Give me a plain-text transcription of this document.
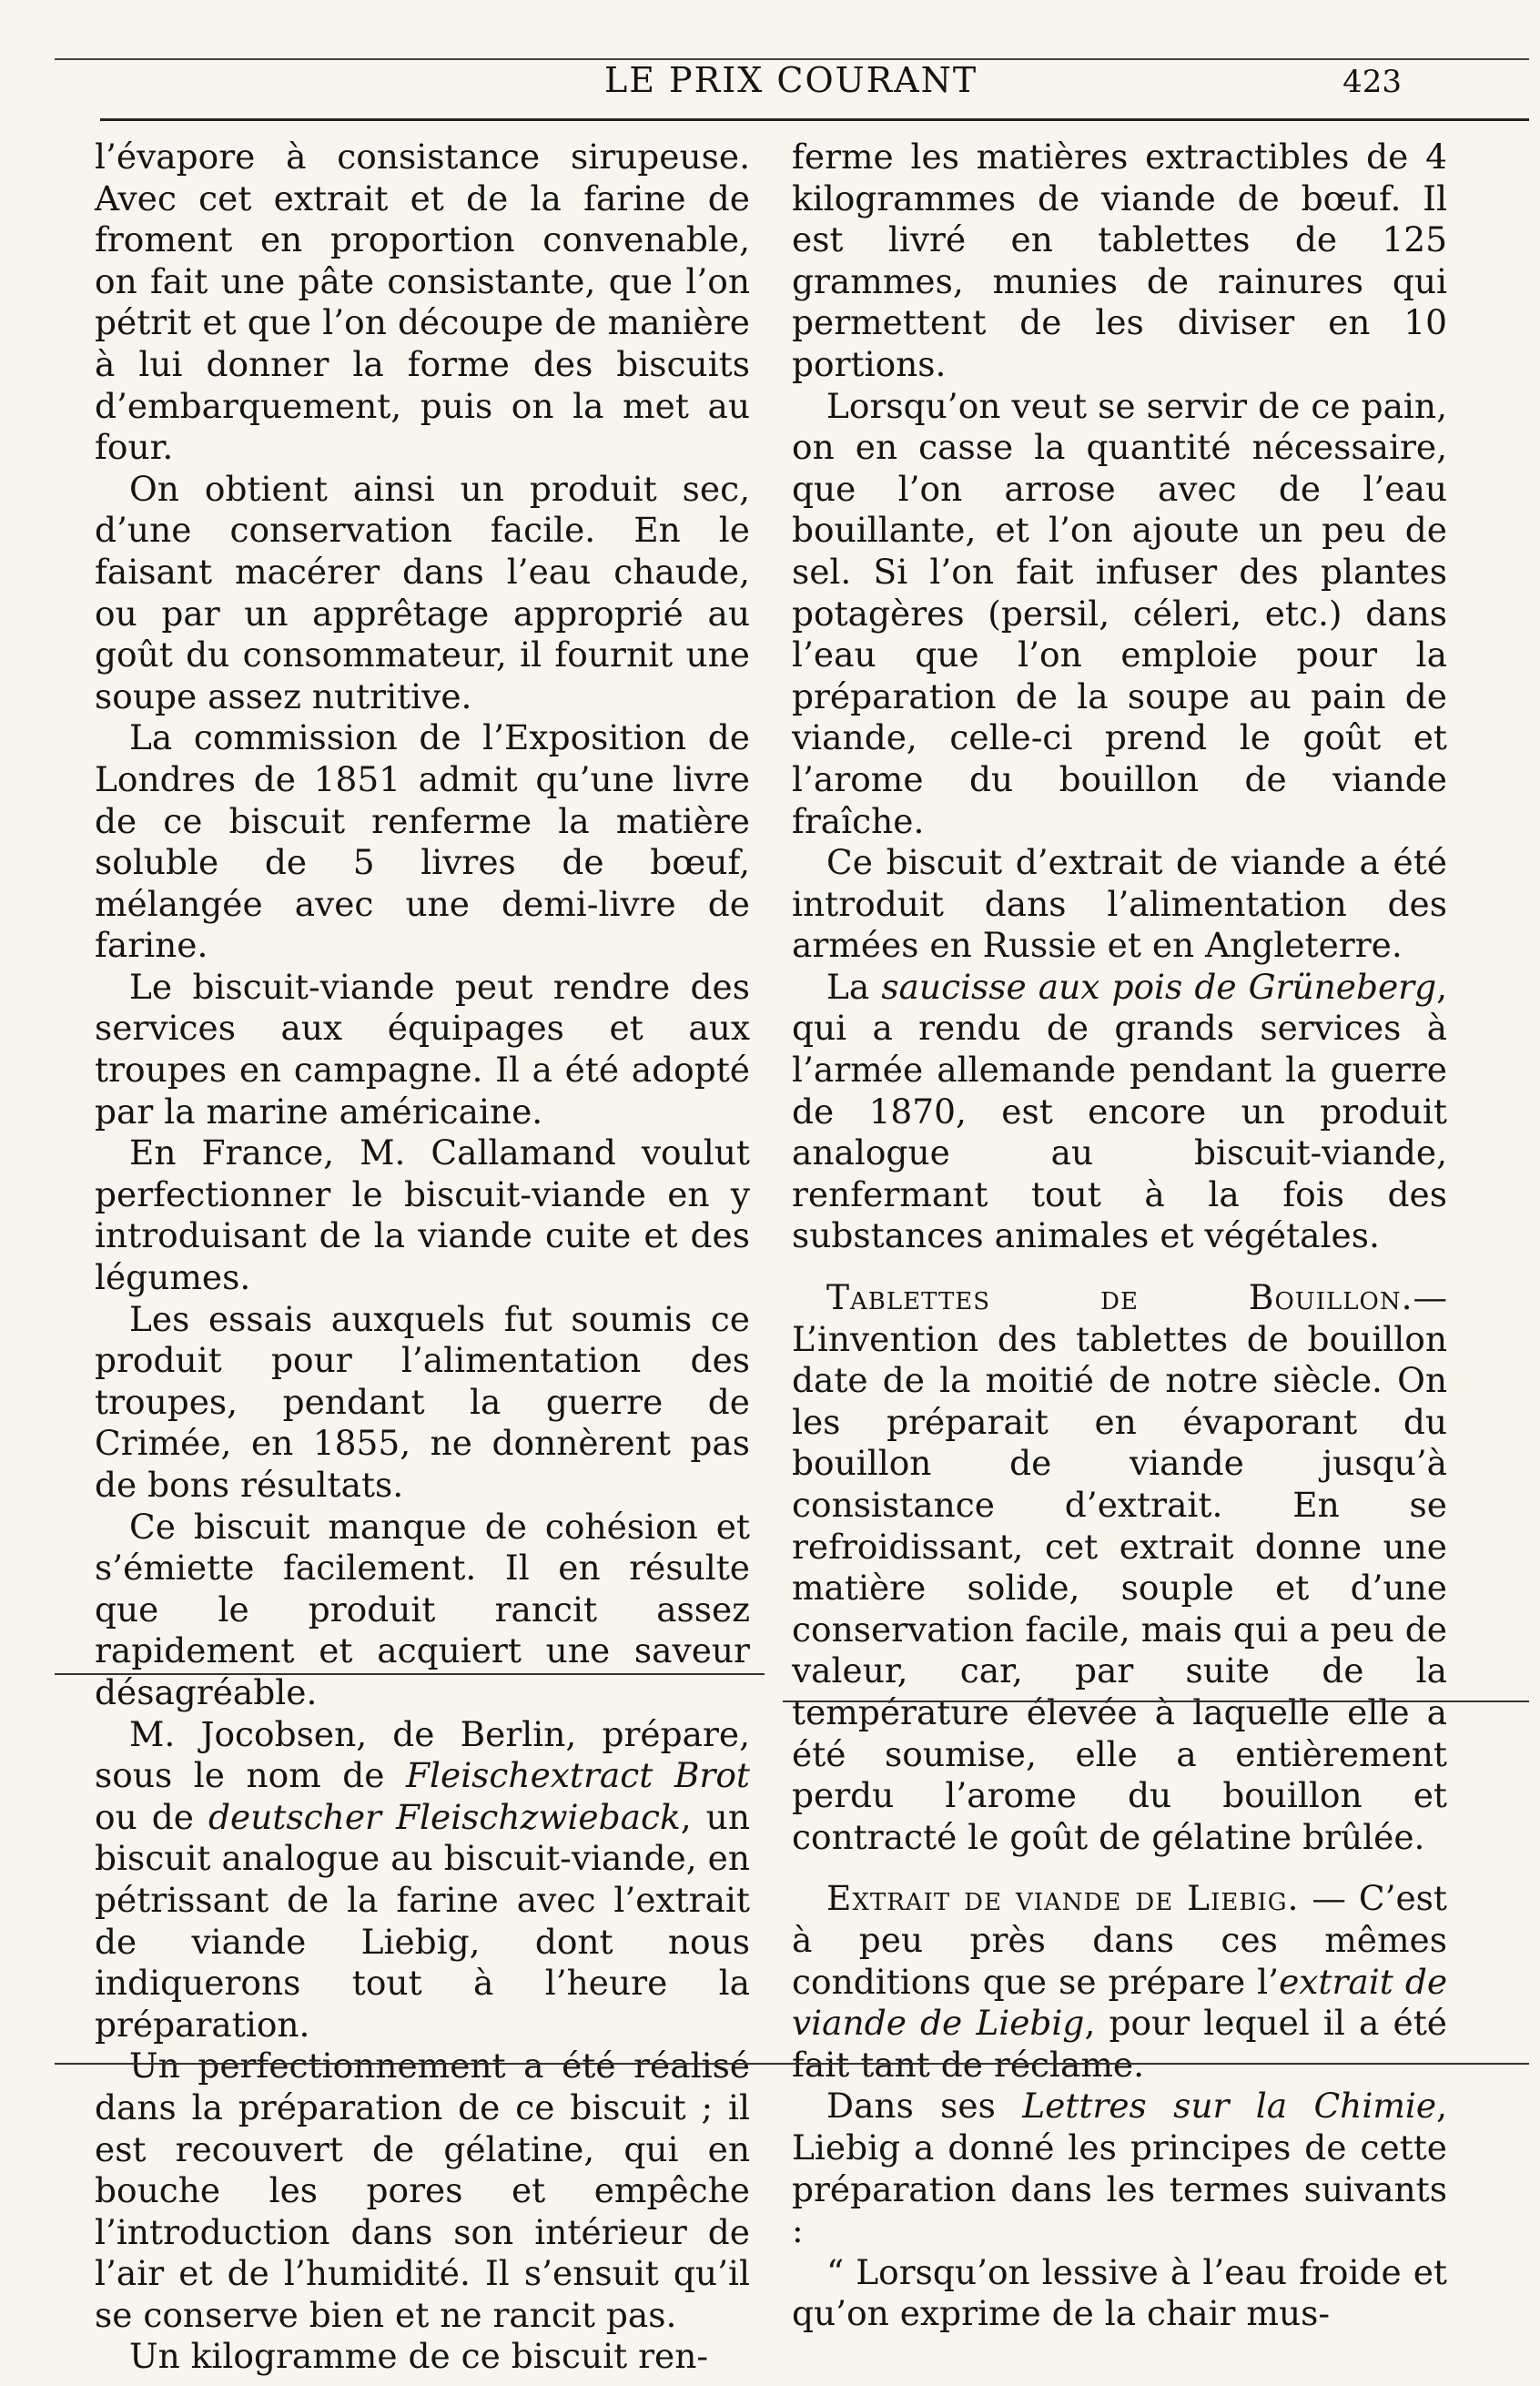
LE PRIX COURANT	423

l’évapore à consistance sirupeuse. Avec cet extrait et de la farine de froment en proportion convenable, on fait une pâte consistante, que l’on pétrit et que l’on découpe de manière à lui donner la forme des biscuits d’embarquement, puis on la met au four.

On obtient ainsi un produit sec, d’une conservation facile. En le faisant macérer dans l’eau chaude, ou par un apprêtage approprié au goût du consommateur, il fournit une soupe assez nutritive.

La commission de l’Exposition de Londres de 1851 admit qu’une livre de ce biscuit renferme la matière soluble de 5 livres de bœuf, mélangée avec une demi-livre de farine.

Le biscuit-viande peut rendre des services aux équipages et aux troupes en campagne. Il a été adopté par la marine américaine.

En France, M. Callamand voulut perfectionner le biscuit-viande en y introduisant de la viande cuite et des légumes.

Les essais auxquels fut soumis ce produit pour l’alimentation des troupes, pendant la guerre de Crimée, en 1855, ne donnèrent pas de bons résultats.

Ce biscuit manque de cohésion et s’émiette facilement. Il en résulte que le produit rancit assez rapidement et acquiert une saveur désagréable.

M. Jocobsen, de Berlin, prépare, sous le nom de Fleischextract Brot ou de deutscher Fleischzwieback, un biscuit analogue au biscuit-viande, en pétrissant de la farine avec l’extrait de viande Liebig, dont nous indiquerons tout à l’heure la préparation.

Un perfectionnement a été réalisé dans la préparation de ce biscuit ; il est recouvert de gélatine, qui en bouche les pores et empêche l’introduction dans son intérieur de l’air et de l’humidité. Il s’ensuit qu’il se conserve bien et ne rancit pas.

Un kilogramme de ce biscuit ren-

ferme les matières extractibles de 4 kilogrammes de viande de bœuf. Il est livré en tablettes de 125 grammes, munies de rainures qui permettent de les diviser en 10 portions.

Lorsqu’on veut se servir de ce pain, on en casse la quantité nécessaire, que l’on arrose avec de l’eau bouillante, et l’on ajoute un peu de sel. Si l’on fait infuser des plantes potagères (persil, céleri, etc.) dans l’eau que l’on emploie pour la préparation de la soupe au pain de viande, celle-ci prend le goût et l’arome du bouillon de viande fraîche.

Ce biscuit d’extrait de viande a été introduit dans l’alimentation des armées en Russie et en Angleterre.

La saucisse aux pois de Grüneberg, qui a rendu de grands services à l’armée allemande pendant la guerre de 1870, est encore un produit analogue au biscuit-viande, renfermant tout à la fois des substances animales et végétales.

Tablettes de Bouillon.— L’invention des tablettes de bouillon date de la moitié de notre siècle. On les préparait en évaporant du bouillon de viande jusqu’à consistance d’extrait. En se refroidissant, cet extrait donne une matière solide, souple et d’une conservation facile, mais qui a peu de valeur, car, par suite de la température élevée à laquelle elle a été soumise, elle a entièrement perdu l’arome du bouillon et contracté le goût de gélatine brûlée.

Extrait de viande de Liebig. — C’est à peu près dans ces mêmes conditions que se prépare l’extrait de viande de Liebig, pour lequel il a été fait tant de réclame.

Dans ses Lettres sur la Chimie, Liebig a donné les principes de cette préparation dans les termes suivants :

“ Lorsqu’on lessive à l’eau froide et qu’on exprime de la chair mus-
